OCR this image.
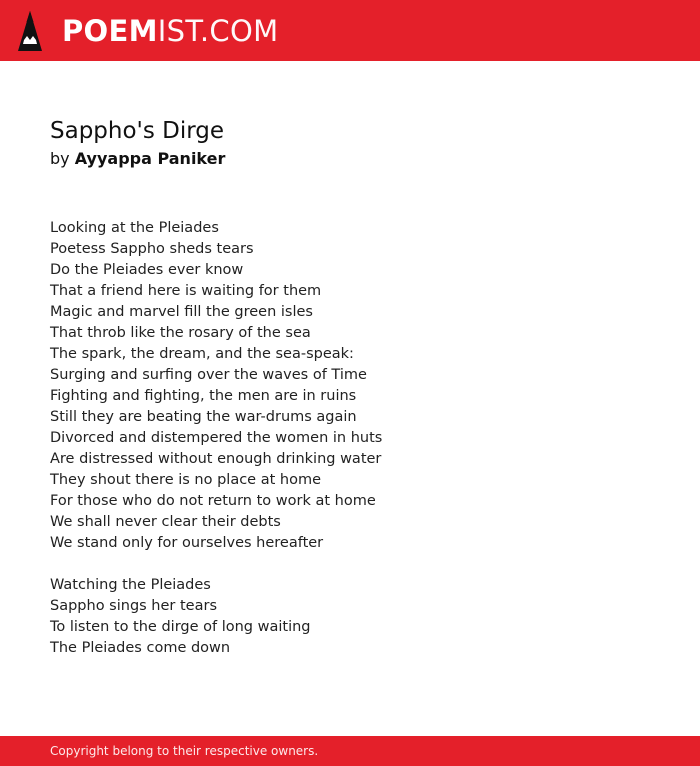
POEMIST.COM
Sappho's Dirge
by Ayyappa Paniker

Looking at the Pleiades
Poetess Sappho sheds tears
Do the Pleiades ever know
That a friend here is waiting for them
Magic and marvel fill the green isles
That throb like the rosary of the sea
The spark, the dream, and the sea-speak:
Surging and surfing over the waves of Time
Fighting and fighting, the men are in ruins
Still they are beating the war-drums again
Divorced and distempered the women in huts
Are distressed without enough drinking water
They shout there is no place at home
For those who do not return to work at home
We shall never clear their debts
We stand only for ourselves hereafter

Watching the Pleiades
Sappho sings her tears
To listen to the dirge of long waiting
The Pleiades come down

Copyright belong to their respective owners.
